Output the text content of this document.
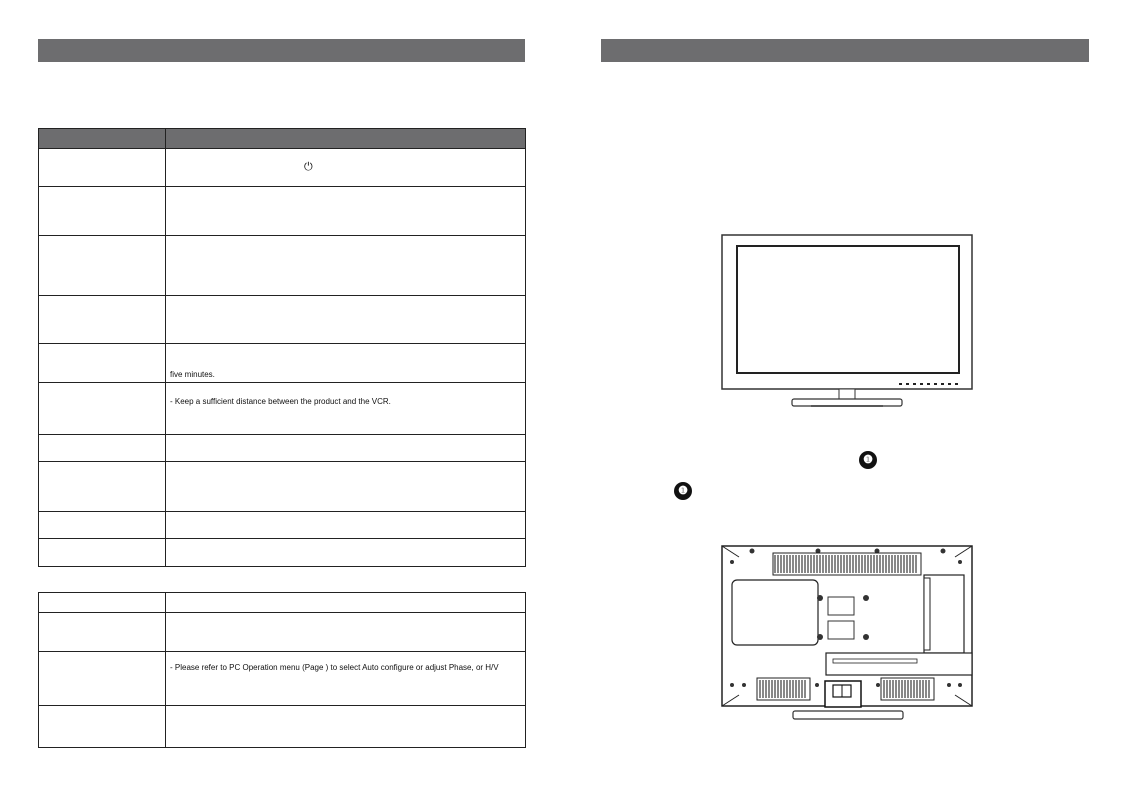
	⏻

	five minutes.
	- Keep a sufficient distance between the product and the VCR.

	- Please refer to PC Operation menu (Page ) to select Auto configure or adjust Phase, or H/V

❶
❶
